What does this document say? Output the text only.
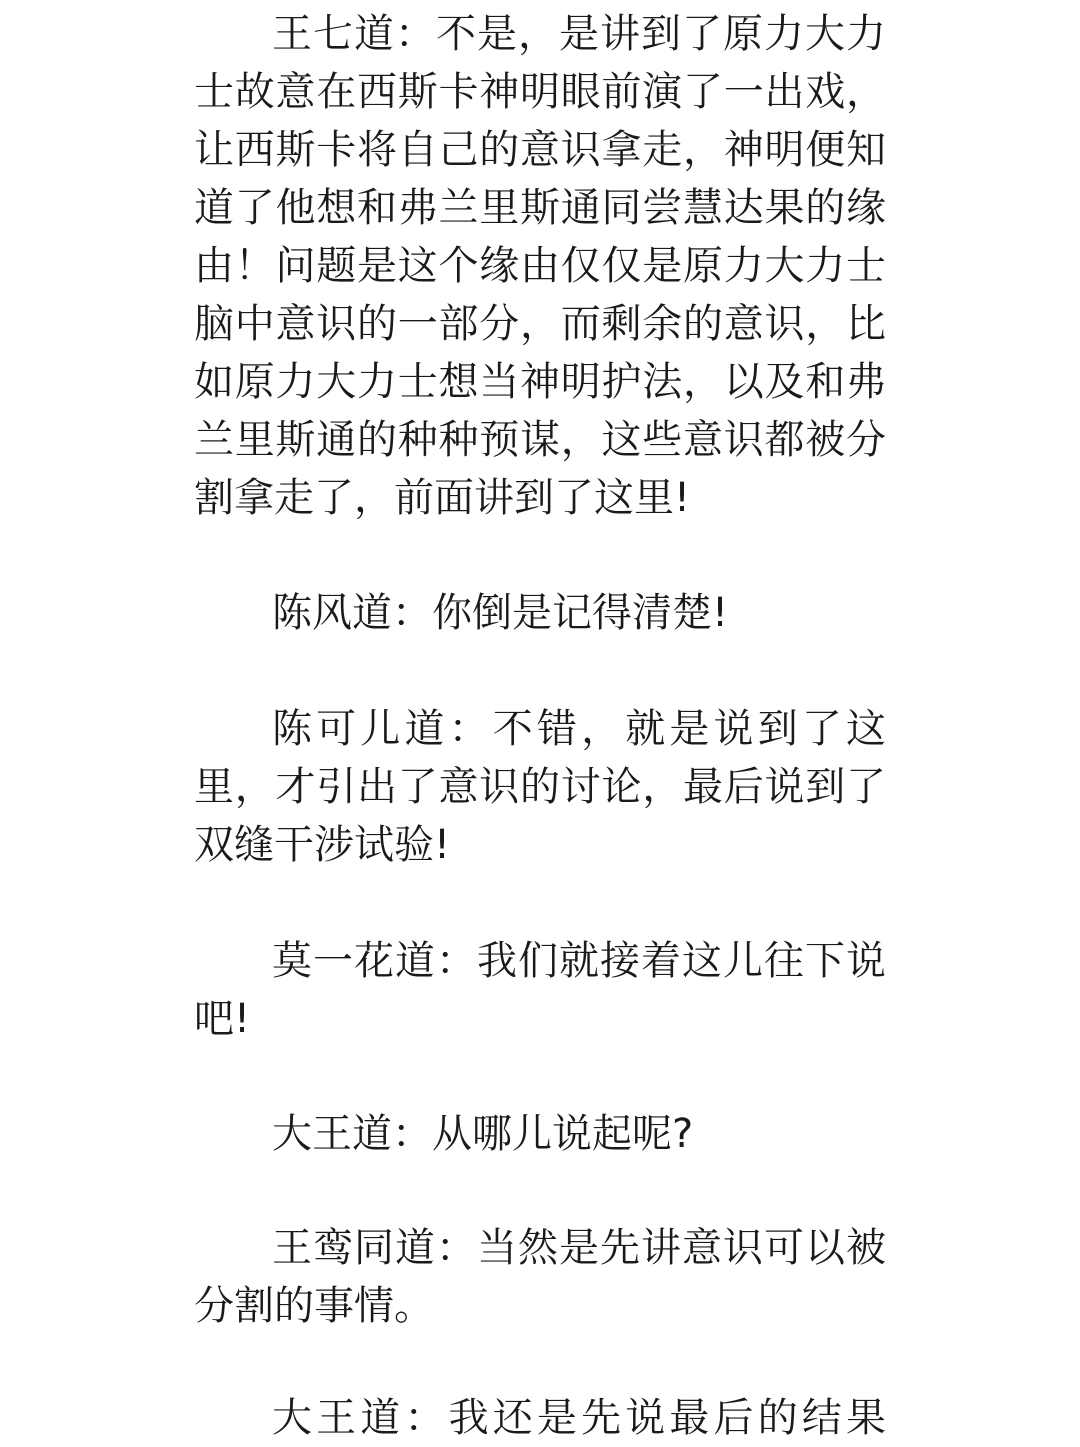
王七道：不是，是讲到了原力大力
士故意在西斯卡神明眼前演了一出戏，
让西斯卡将自己的意识拿走，神明便知
道了他想和弗兰里斯通同尝慧达果的缘
由！问题是这个缘由仅仅是原力大力士
脑中意识的一部分，而剩余的意识，比
如原力大力士想当神明护法，以及和弗
兰里斯通的种种预谋，这些意识都被分
割拿走了，前面讲到了这里!
陈风道：你倒是记得清楚!
陈可儿道：不错，就是说到了这
里，才引出了意识的讨论，最后说到了
双缝干涉试验!
莫一花道：我们就接着这儿往下说
吧!
大王道：从哪儿说起呢?
王鸾同道：当然是先讲意识可以被
分割的事情。
大王道：我还是先说最后的结果
